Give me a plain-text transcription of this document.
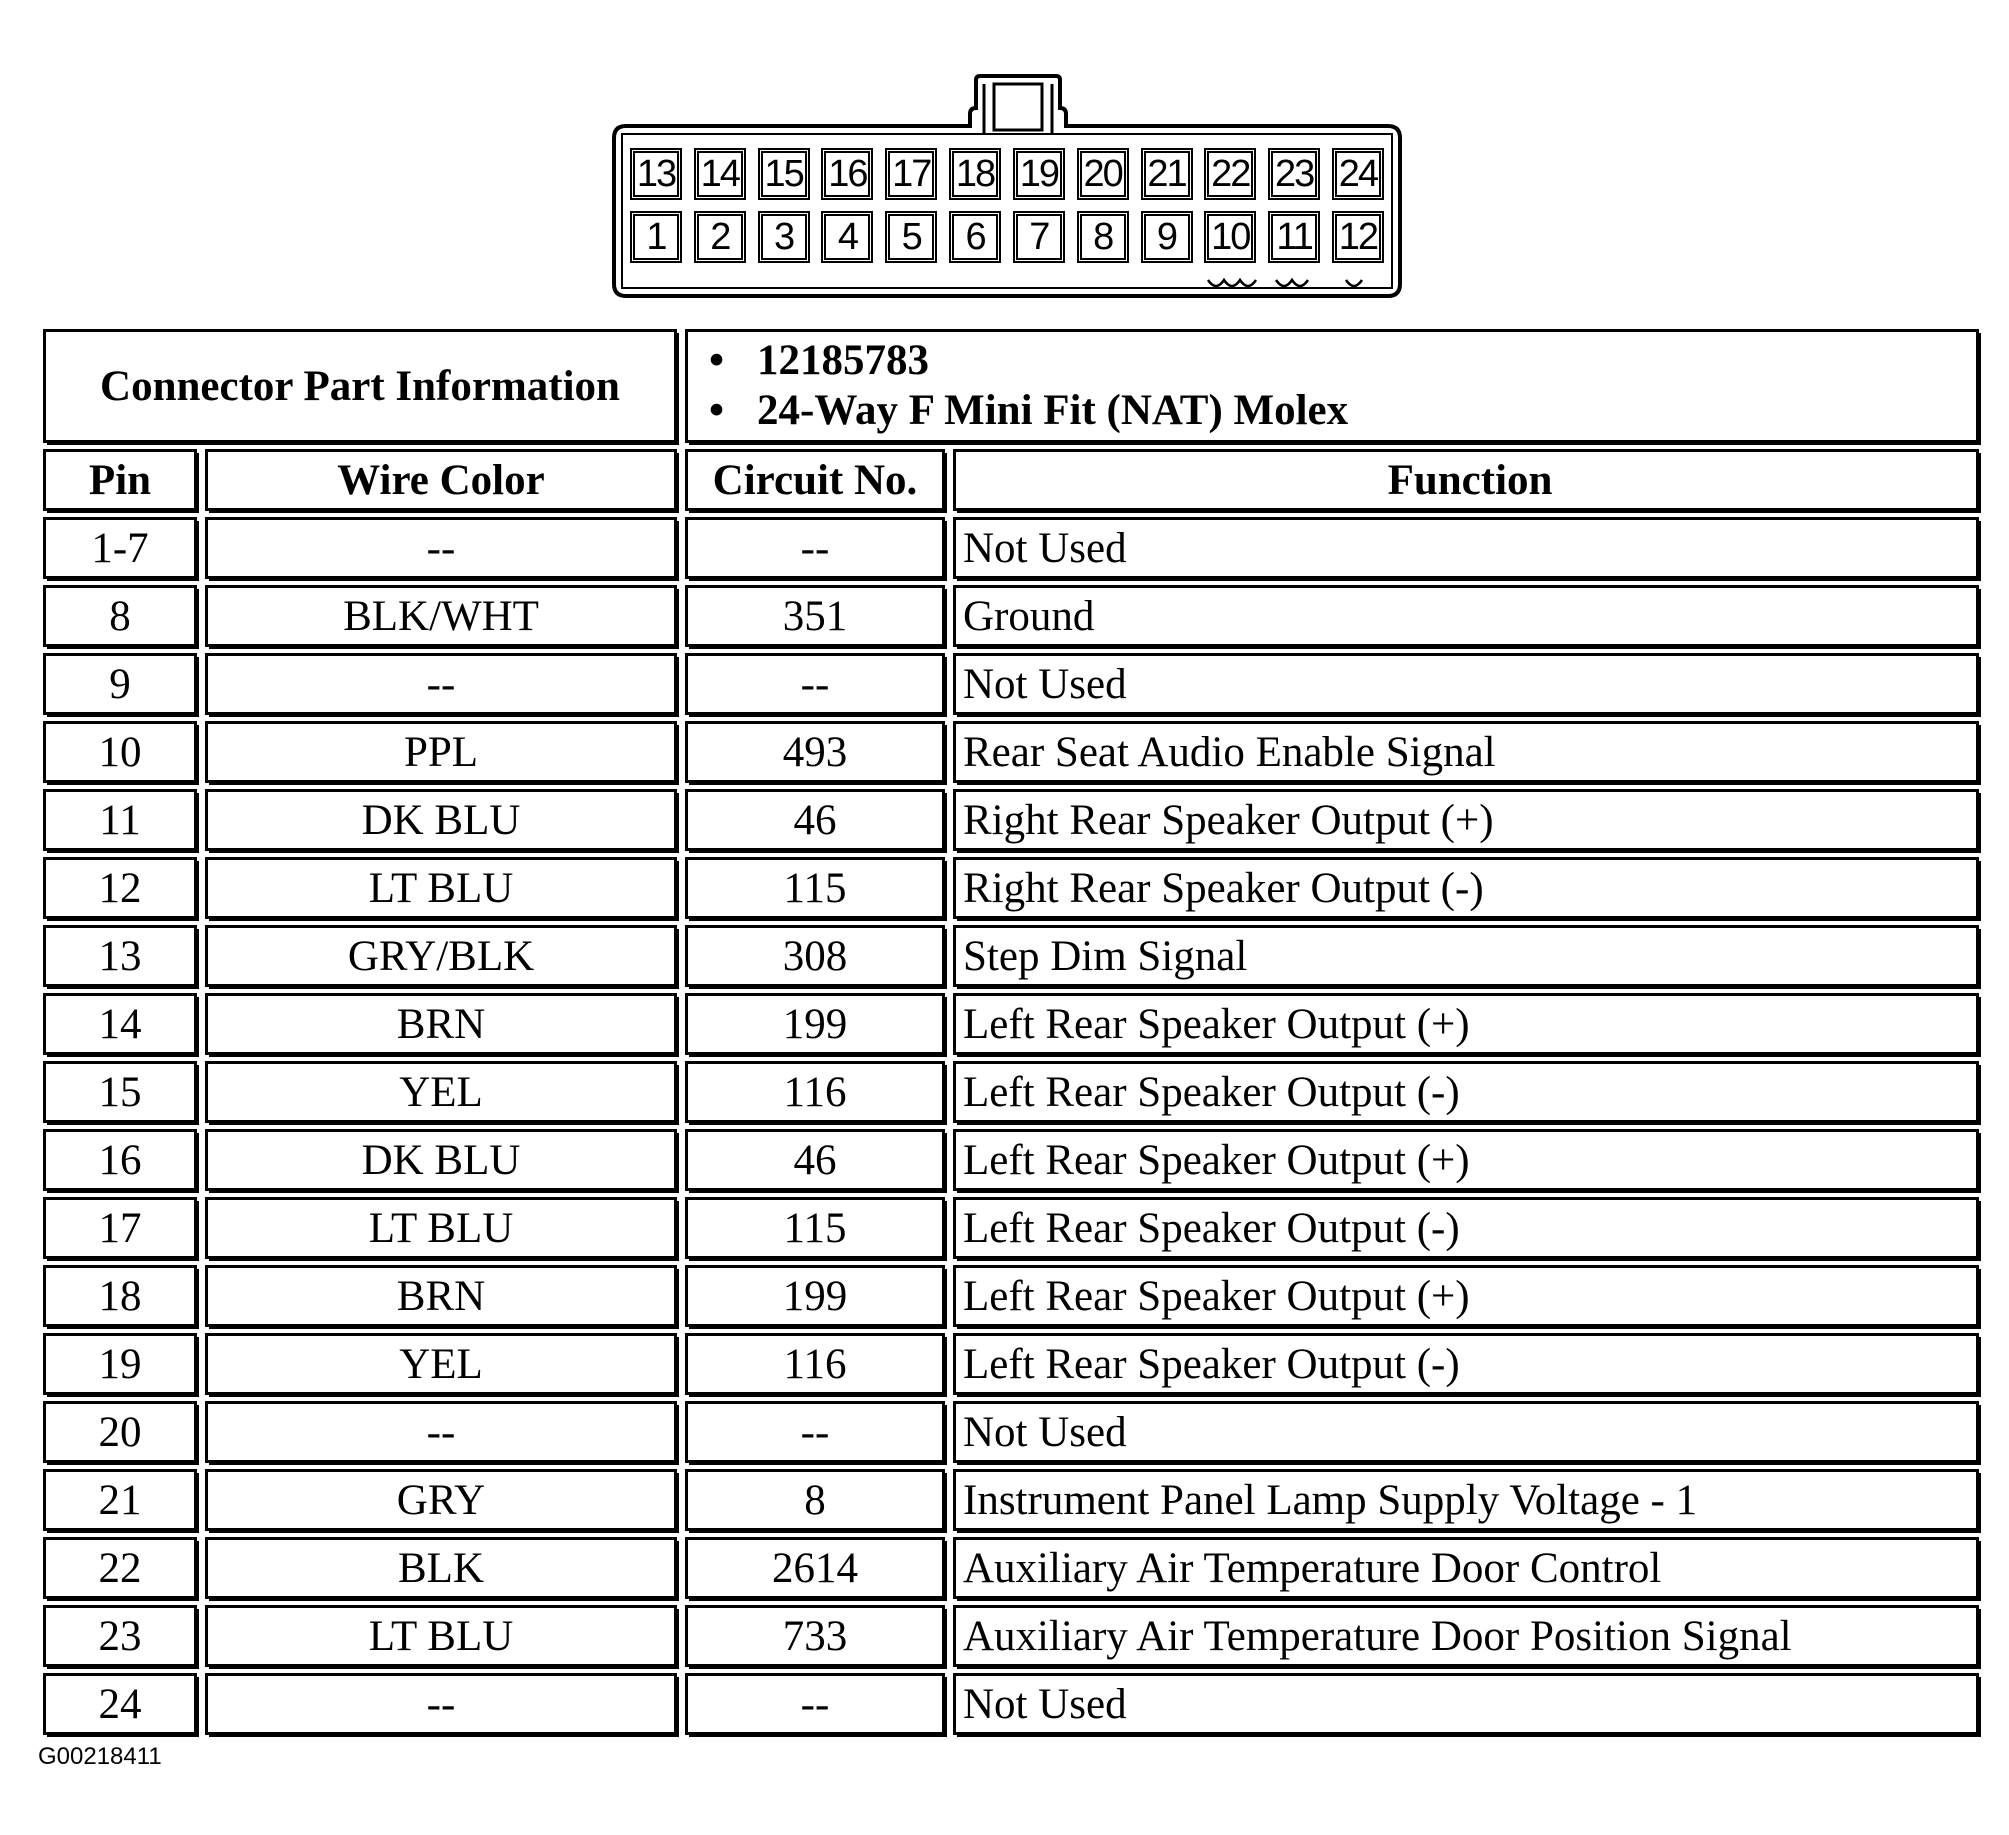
13 14 15 16 17 18 19 20 21 22 23 24
1	2	3	4	5	6	7	8	9 10 11 12
Connector Part Information
• 12185783
• 24-Way F Mini Fit (NAT) Molex
Pin	Wire Color	Circuit No.	Function
1-7	--	--	Not Used
8	BLK/WHT	351	Ground
9	--	--	Not Used
10	PPL	493	Rear Seat Audio Enable Signal
11	DK BLU	46	Right Rear Speaker Output (+)
12	LT BLU	115	Right Rear Speaker Output (-)
13	GRY/BLK	308	Step Dim Signal
14	BRN	199	Left Rear Speaker Output (+)
15	YEL	116	Left Rear Speaker Output (-)
16	DK BLU	46	Left Rear Speaker Output (+)
17	LT BLU	115	Left Rear Speaker Output (-)
18	BRN	199	Left Rear Speaker Output (+)
19	YEL	116	Left Rear Speaker Output (-)
20	--	--	Not Used
21	GRY	8	Instrument Panel Lamp Supply Voltage - 1
22	BLK	2614	Auxiliary Air Temperature Door Control
23	LT BLU	733	Auxiliary Air Temperature Door Position Signal
24	--	--	Not Used
G00218411
